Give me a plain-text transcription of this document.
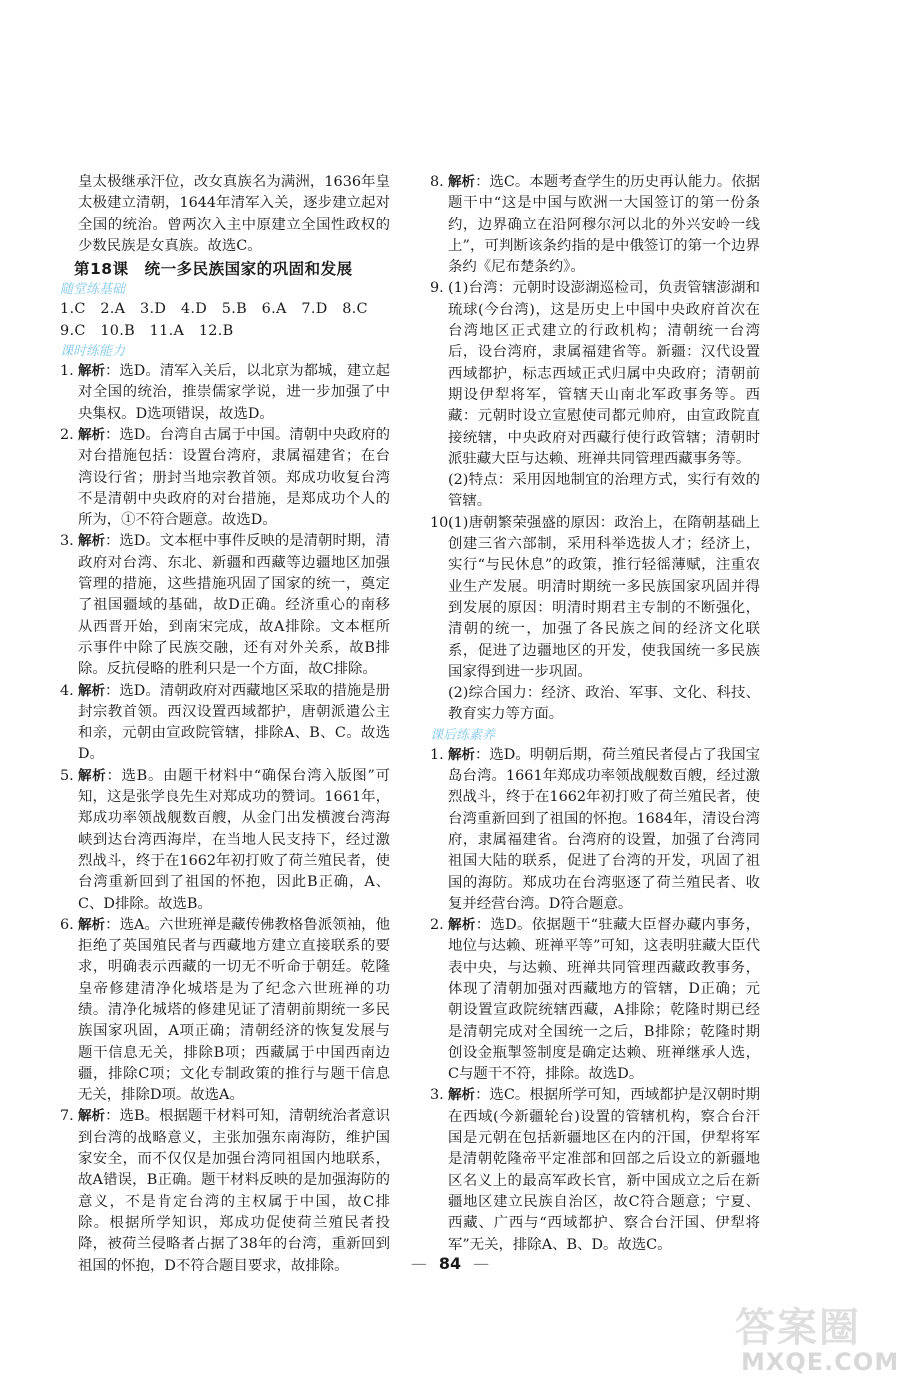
皇太极继承汗位，改女真族名为满洲，1636年皇太极建立清朝，1644年清军入关，逐步建立起对全国的统治。曾两次入主中原建立全国性政权的少数民族是女真族。故选C。

第18课　统一多民族国家的巩固和发展
随堂练基础
1.C　2.A　3.D　4.D　5.B　6.A　7.D　8.C
9.C　10.B　11.A　12.B
课时练能力
1. 解析：选D。清军入关后，以北京为都城，建立起对全国的统治，推崇儒家学说，进一步加强了中央集权。D选项错误，故选D。
2. 解析：选D。台湾自古属于中国。清朝中央政府的对台措施包括：设置台湾府，隶属福建省；在台湾设行省；册封当地宗教首领。郑成功收复台湾不是清朝中央政府的对台措施，是郑成功个人的所为，①不符合题意。故选D。
3. 解析：选D。文本框中事件反映的是清朝时期，清政府对台湾、东北、新疆和西藏等边疆地区加强管理的措施，这些措施巩固了国家的统一，奠定了祖国疆域的基础，故D正确。经济重心的南移从西晋开始，到南宋完成，故A排除。文本框所示事件中除了民族交融，还有对外关系，故B排除。反抗侵略的胜利只是一个方面，故C排除。
4. 解析：选D。清朝政府对西藏地区采取的措施是册封宗教首领。西汉设置西域都护，唐朝派遣公主和亲，元朝由宣政院管辖，排除A、B、C。故选D。
5. 解析：选B。由题干材料中“确保台湾入版图”可知，这是张学良先生对郑成功的赞词。1661年，郑成功率领战舰数百艘，从金门出发横渡台湾海峡到达台湾西海岸，在当地人民支持下，经过激烈战斗，终于在1662年初打败了荷兰殖民者，使台湾重新回到了祖国的怀抱，因此B正确，A、C、D排除。故选B。
6. 解析：选A。六世班禅是藏传佛教格鲁派领袖，他拒绝了英国殖民者与西藏地方建立直接联系的要求，明确表示西藏的一切无不听命于朝廷。乾隆皇帝修建清净化城塔是为了纪念六世班禅的功绩。清净化城塔的修建见证了清朝前期统一多民族国家巩固，A项正确；清朝经济的恢复发展与题干信息无关，排除B项；西藏属于中国西南边疆，排除C项；文化专制政策的推行与题干信息无关，排除D项。故选A。
7. 解析：选B。根据题干材料可知，清朝统治者意识到台湾的战略意义，主张加强东南海防，维护国家安全，而不仅仅是加强台湾同祖国内地联系，故A错误，B正确。题干材料反映的是加强海防的意义，不是肯定台湾的主权属于中国，故C排除。根据所学知识，郑成功促使荷兰殖民者投降，被荷兰侵略者占据了38年的台湾，重新回到祖国的怀抱，D不符合题目要求，故排除。
8. 解析：选C。本题考查学生的历史再认能力。依据题干中“这是中国与欧洲一大国签订的第一份条约，边界确立在沿阿穆尔河以北的外兴安岭一线上”，可判断该条约指的是中俄签订的第一个边界条约《尼布楚条约》。
9. (1)台湾：元朝时设澎湖巡检司，负责管辖澎湖和琉球(今台湾)，这是历史上中国中央政府首次在台湾地区正式建立的行政机构；清朝统一台湾后，设台湾府，隶属福建省等。新疆：汉代设置西域都护，标志西域正式归属中央政府；清朝前期设伊犁将军，管辖天山南北军政事务等。西藏：元朝时设立宣慰使司都元帅府，由宣政院直接统辖，中央政府对西藏行使行政管辖；清朝时派驻藏大臣与达赖、班禅共同管理西藏事务等。
(2)特点：采用因地制宜的治理方式，实行有效的管辖。
10.
(1)唐朝繁荣强盛的原因：政治上，在隋朝基础上创建三省六部制，采用科举选拔人才；经济上，实行“与民休息”的政策，推行轻徭薄赋，注重农业生产发展。明清时期统一多民族国家巩固并得到发展的原因：明清时期君主专制的不断强化，清朝的统一，加强了各民族之间的经济文化联系，促进了边疆地区的开发，使我国统一多民族国家得到进一步巩固。
(2)综合国力：经济、政治、军事、文化、科技、教育实力等方面。
课后练素养
1. 解析：选D。明朝后期，荷兰殖民者侵占了我国宝岛台湾。1661年郑成功率领战舰数百艘，经过激烈战斗，终于在1662年初打败了荷兰殖民者，使台湾重新回到了祖国的怀抱。1684年，清设台湾府，隶属福建省。台湾府的设置，加强了台湾同祖国大陆的联系，促进了台湾的开发，巩固了祖国的海防。郑成功在台湾驱逐了荷兰殖民者、收复并经营台湾。D符合题意。
2. 解析：选D。依据题干“驻藏大臣督办藏内事务，地位与达赖、班禅平等”可知，这表明驻藏大臣代表中央，与达赖、班禅共同管理西藏政教事务，体现了清朝加强对西藏地方的管辖，D正确；元朝设置宣政院统辖西藏，A排除；乾隆时期已经是清朝完成对全国统一之后，B排除；乾隆时期创设金瓶掣签制度是确定达赖、班禅继承人选，C与题干不符，排除。故选D。
3. 解析：选C。根据所学可知，西域都护是汉朝时期在西域(今新疆轮台)设置的管辖机构，察合台汗国是元朝在包括新疆地区在内的汗国，伊犁将军是清朝乾隆帝平定准部和回部之后设立的新疆地区名义上的最高军政长官，新中国成立之后在新疆地区建立民族自治区，故C符合题意；宁夏、西藏、广西与“西域都护、察合台汗国、伊犁将军”无关，排除A、B、D。故选C。
— 84 —
答案圈
MXQE.COM
